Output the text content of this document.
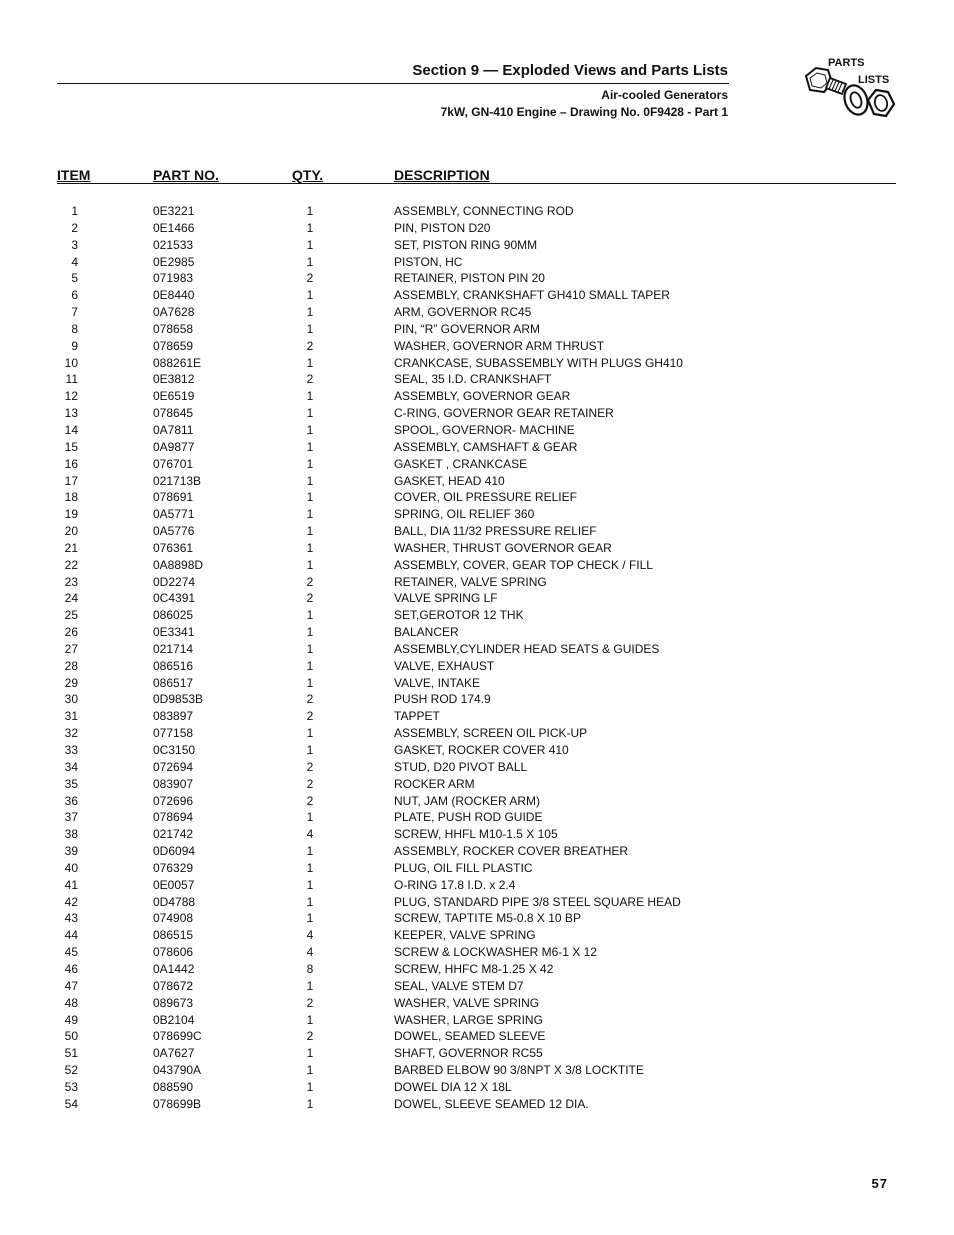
Section 9 — Exploded Views and Parts Lists
Air-cooled Generators
7kW, GN-410 Engine – Drawing No. 0F9428 - Part 1
PARTS
LISTS
ITEM	PART NO.	QTY.	DESCRIPTION
1	0E3221	1	ASSEMBLY, CONNECTING ROD
2	0E1466	1	PIN, PISTON D20
3	021533	1	SET, PISTON RING 90MM
4	0E2985	1	PISTON, HC
5	071983	2	RETAINER, PISTON PIN 20
6	0E8440	1	ASSEMBLY, CRANKSHAFT GH410 SMALL TAPER
7	0A7628	1	ARM, GOVERNOR RC45
8	078658	1	PIN, “R” GOVERNOR ARM
9	078659	2	WASHER, GOVERNOR ARM THRUST
10	088261E	1	CRANKCASE, SUBASSEMBLY WITH PLUGS GH410
11	0E3812	2	SEAL, 35 I.D. CRANKSHAFT
12	0E6519	1	ASSEMBLY, GOVERNOR GEAR
13	078645	1	C-RING, GOVERNOR GEAR RETAINER
14	0A7811	1	SPOOL, GOVERNOR- MACHINE
15	0A9877	1	ASSEMBLY, CAMSHAFT & GEAR
16	076701	1	GASKET , CRANKCASE
17	021713B	1	GASKET, HEAD 410
18	078691	1	COVER, OIL PRESSURE RELIEF
19	0A5771	1	SPRING, OIL RELIEF 360
20	0A5776	1	BALL, DIA 11/32 PRESSURE RELIEF
21	076361	1	WASHER, THRUST GOVERNOR GEAR
22	0A8898D	1	ASSEMBLY, COVER, GEAR TOP CHECK / FILL
23	0D2274	2	RETAINER, VALVE SPRING
24	0C4391	2	VALVE SPRING LF
25	086025	1	SET,GEROTOR 12 THK
26	0E3341	1	BALANCER
27	021714	1	ASSEMBLY,CYLINDER HEAD SEATS & GUIDES
28	086516	1	VALVE, EXHAUST
29	086517	1	VALVE, INTAKE
30	0D9853B	2	PUSH ROD 174.9
31	083897	2	TAPPET
32	077158	1	ASSEMBLY, SCREEN OIL PICK-UP
33	0C3150	1	GASKET, ROCKER COVER 410
34	072694	2	STUD, D20 PIVOT BALL
35	083907	2	ROCKER ARM
36	072696	2	NUT, JAM (ROCKER ARM)
37	078694	1	PLATE, PUSH ROD GUIDE
38	021742	4	SCREW, HHFL M10-1.5 X 105
39	0D6094	1	ASSEMBLY, ROCKER COVER BREATHER
40	076329	1	PLUG, OIL FILL PLASTIC
41	0E0057	1	O-RING 17.8 I.D. x 2.4
42	0D4788	1	PLUG, STANDARD PIPE 3/8 STEEL SQUARE HEAD
43	074908	1	SCREW, TAPTITE M5-0.8 X 10 BP
44	086515	4	KEEPER, VALVE SPRING
45	078606	4	SCREW & LOCKWASHER M6-1 X 12
46	0A1442	8	SCREW, HHFC M8-1.25 X 42
47	078672	1	SEAL, VALVE STEM D7
48	089673	2	WASHER, VALVE SPRING
49	0B2104	1	WASHER, LARGE SPRING
50	078699C	2	DOWEL, SEAMED SLEEVE
51	0A7627	1	SHAFT, GOVERNOR RC55
52	043790A	1	BARBED ELBOW 90 3/8NPT X 3/8 LOCKTITE
53	088590	1	DOWEL DIA 12 X 18L
54	078699B	1	DOWEL, SLEEVE SEAMED 12 DIA.
57
